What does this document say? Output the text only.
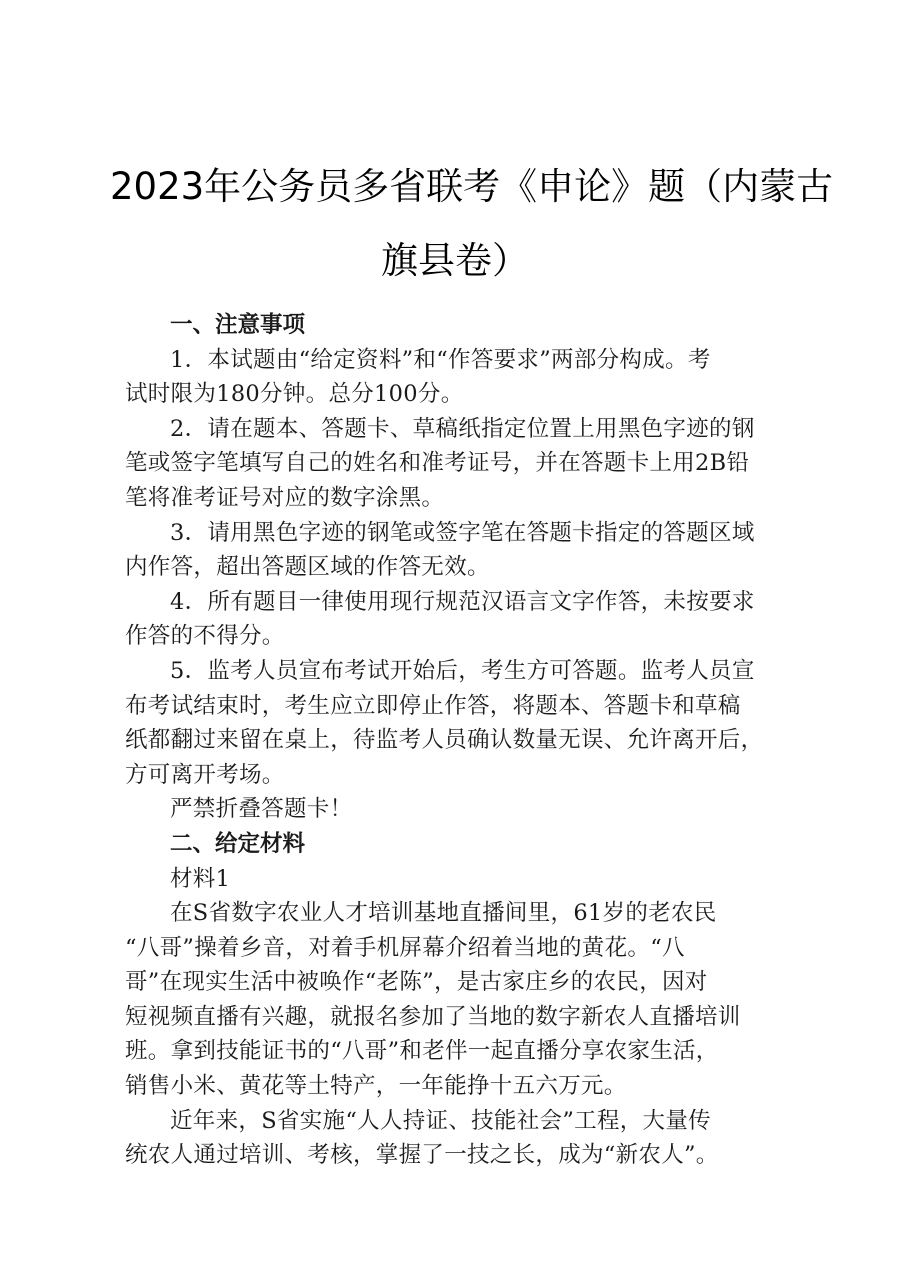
2023年公务员多省联考《申论》题（内蒙古
旗县卷）
一、注意事项
1．本试题由“给定资料”和“作答要求”两部分构成。考
试时限为180分钟。总分100分。
2．请在题本、答题卡、草稿纸指定位置上用黑色字迹的钢
笔或签字笔填写自己的姓名和准考证号，并在答题卡上用2B铅
笔将准考证号对应的数字涂黑。
3．请用黑色字迹的钢笔或签字笔在答题卡指定的答题区域
内作答，超出答题区域的作答无效。
4．所有题目一律使用现行规范汉语言文字作答，未按要求
作答的不得分。
5．监考人员宣布考试开始后，考生方可答题。监考人员宣
布考试结束时，考生应立即停止作答，将题本、答题卡和草稿
纸都翻过来留在桌上，待监考人员确认数量无误、允许离开后，
方可离开考场。
严禁折叠答题卡！
二、给定材料
材料1
在S省数字农业人才培训基地直播间里，61岁的老农民
“八哥”操着乡音，对着手机屏幕介绍着当地的黄花。“八
哥”在现实生活中被唤作“老陈”，是古家庄乡的农民，因对
短视频直播有兴趣，就报名参加了当地的数字新农人直播培训
班。拿到技能证书的“八哥”和老伴一起直播分享农家生活，
销售小米、黄花等土特产，一年能挣十五六万元。
近年来，S省实施“人人持证、技能社会”工程，大量传
统农人通过培训、考核，掌握了一技之长，成为“新农人”。
